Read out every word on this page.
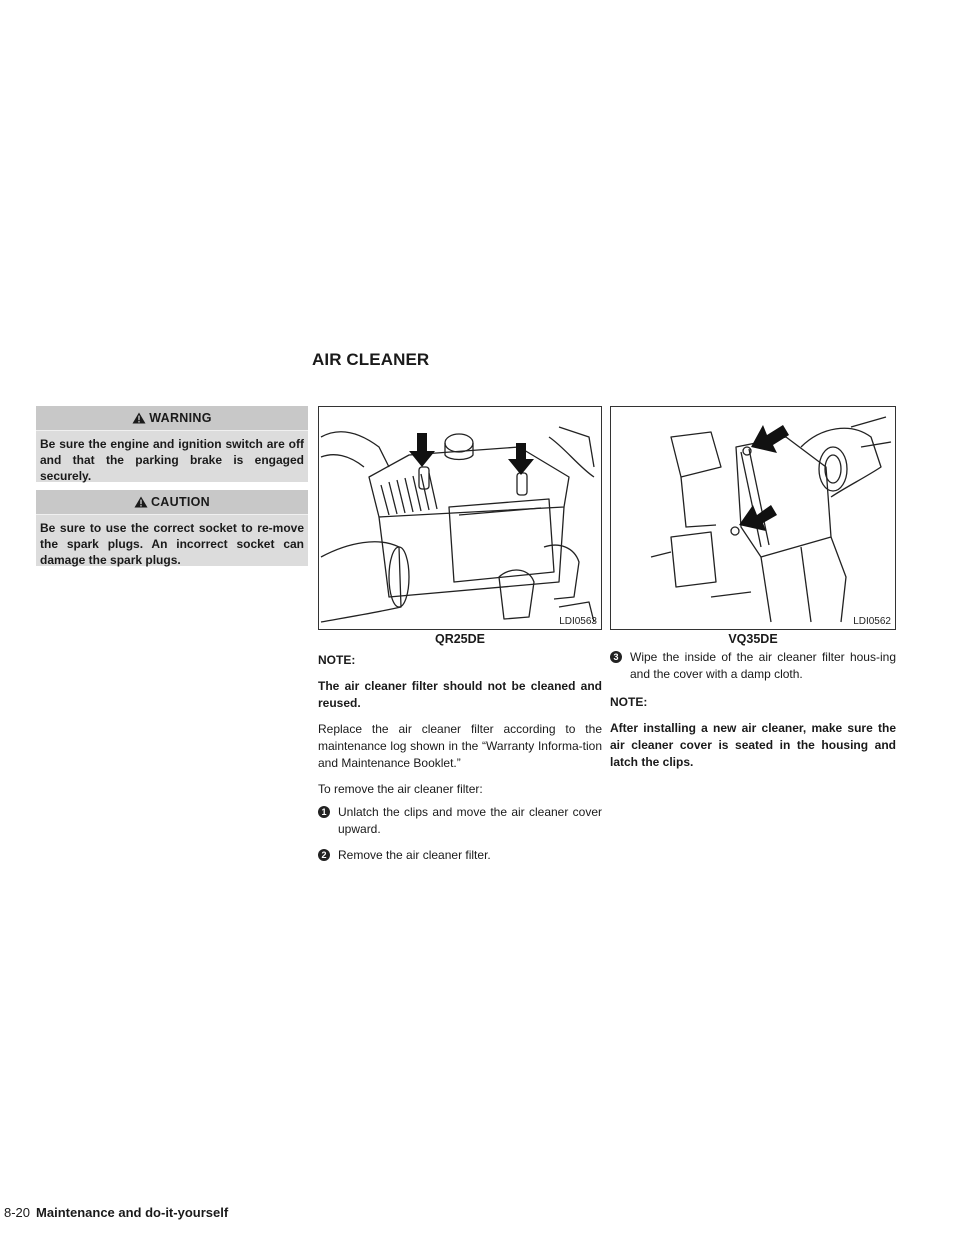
AIR CLEANER
WARNING
Be sure the engine and ignition switch are off and that the parking brake is engaged securely.
CAUTION
Be sure to use the correct socket to re-move the spark plugs. An incorrect socket can damage the spark plugs.
LDI0563
QR25DE
LDI0562
VQ35DE

NOTE:

The air cleaner filter should not be cleaned and reused.

Replace the air cleaner filter according to the maintenance log shown in the “Warranty Informa-tion and Maintenance Booklet.”

To remove the air cleaner filter:

1 Unlatch the clips and move the air cleaner cover upward.
2 Remove the air cleaner filter.
3 Wipe the inside of the air cleaner filter hous-ing and the cover with a damp cloth.

NOTE:

After installing a new air cleaner, make sure the air cleaner cover is seated in the housing and latch the clips.

8-20 Maintenance and do-it-yourself
